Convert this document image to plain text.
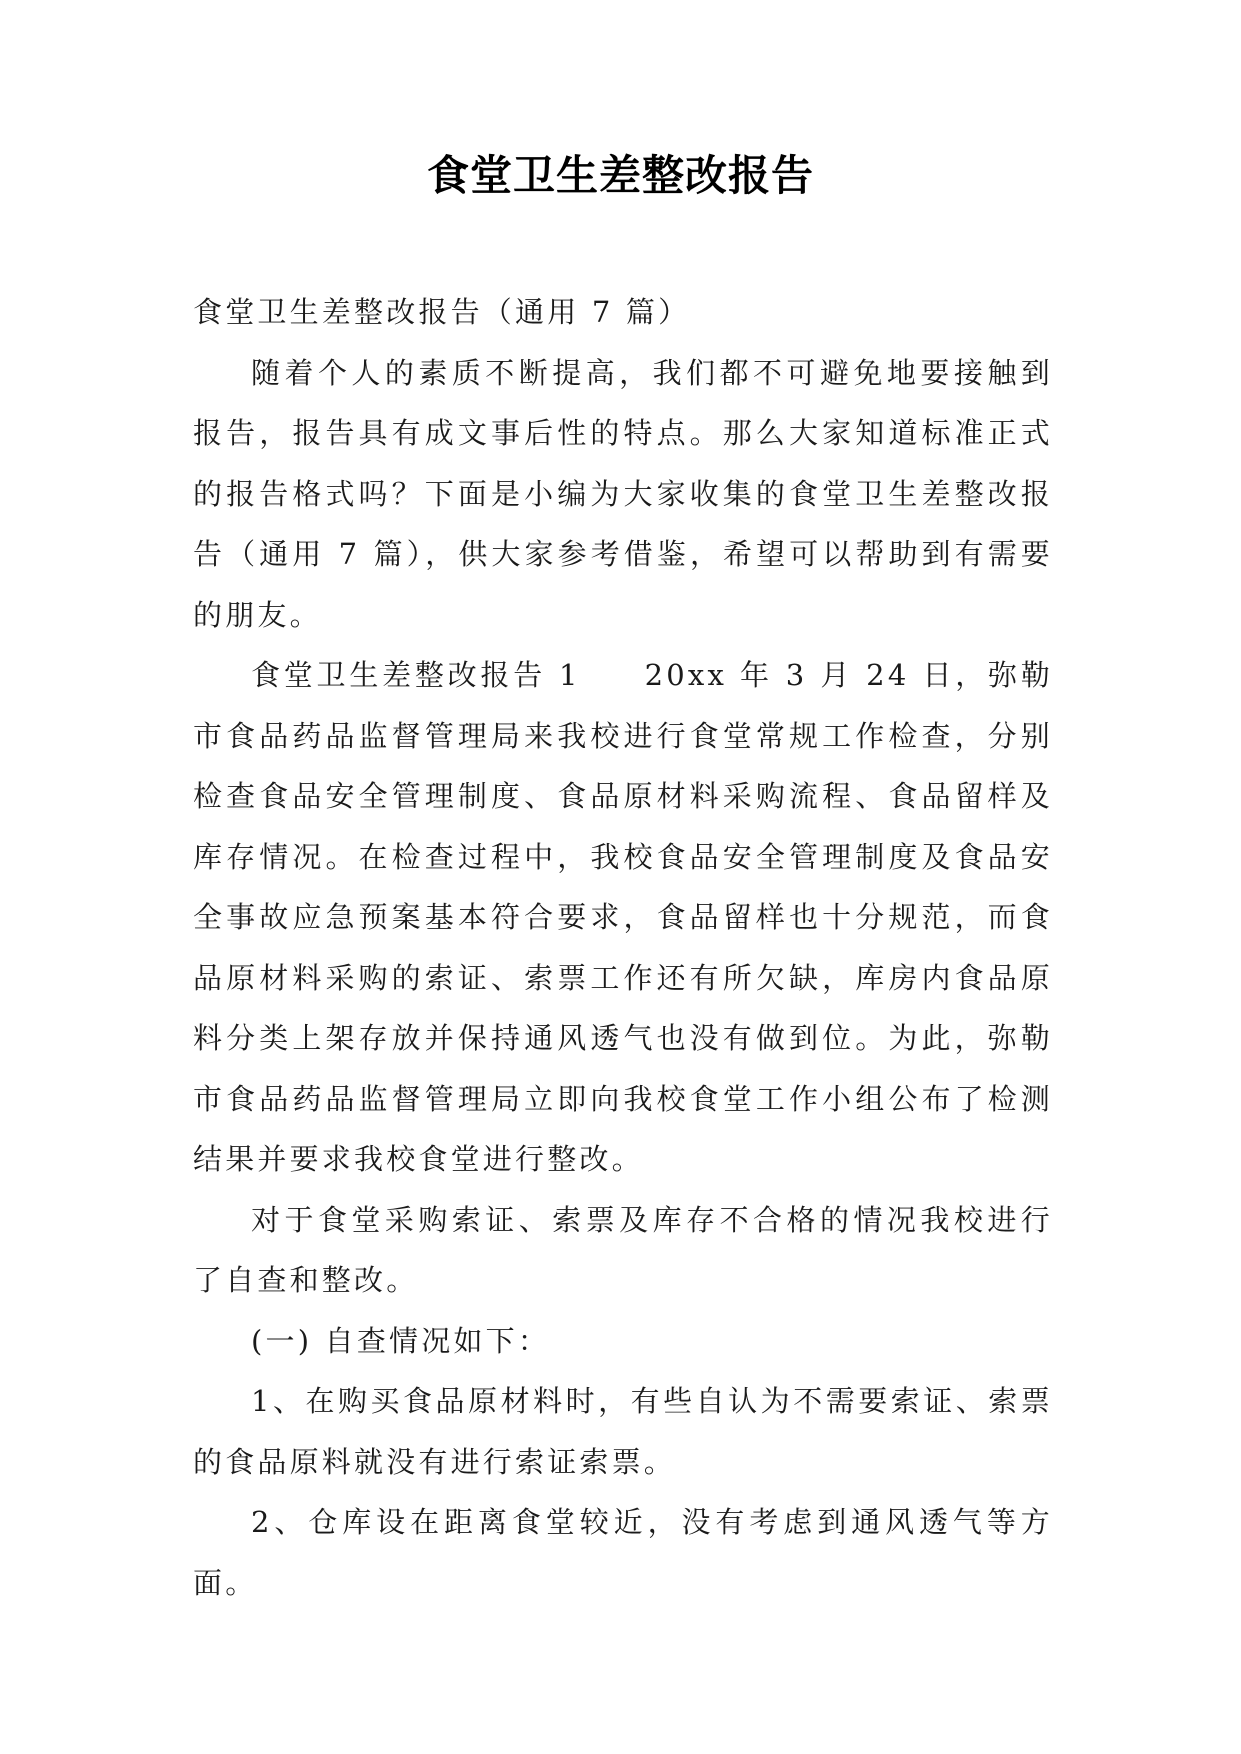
食堂卫生差整改报告

食堂卫生差整改报告（通用 7 篇）

随着个人的素质不断提高，我们都不可避免地要接触到报告，报告具有成文事后性的特点。那么大家知道标准正式的报告格式吗？下面是小编为大家收集的食堂卫生差整改报告（通用 7 篇），供大家参考借鉴，希望可以帮助到有需要的朋友。

食堂卫生差整改报告 1 20xx 年 3 月 24 日，弥勒市食品药品监督管理局来我校进行食堂常规工作检查，分别检查食品安全管理制度、食品原材料采购流程、食品留样及库存情况。在检查过程中，我校食品安全管理制度及食品安全事故应急预案基本符合要求，食品留样也十分规范，而食品原材料采购的索证、索票工作还有所欠缺，库房内食品原料分类上架存放并保持通风透气也没有做到位。为此，弥勒市食品药品监督管理局立即向我校食堂工作小组公布了检测结果并要求我校食堂进行整改。

对于食堂采购索证、索票及库存不合格的情况我校进行了自查和整改。

(一) 自查情况如下：

1、在购买食品原材料时，有些自认为不需要索证、索票的食品原料就没有进行索证索票。

2、仓库设在距离食堂较近，没有考虑到通风透气等方面。
